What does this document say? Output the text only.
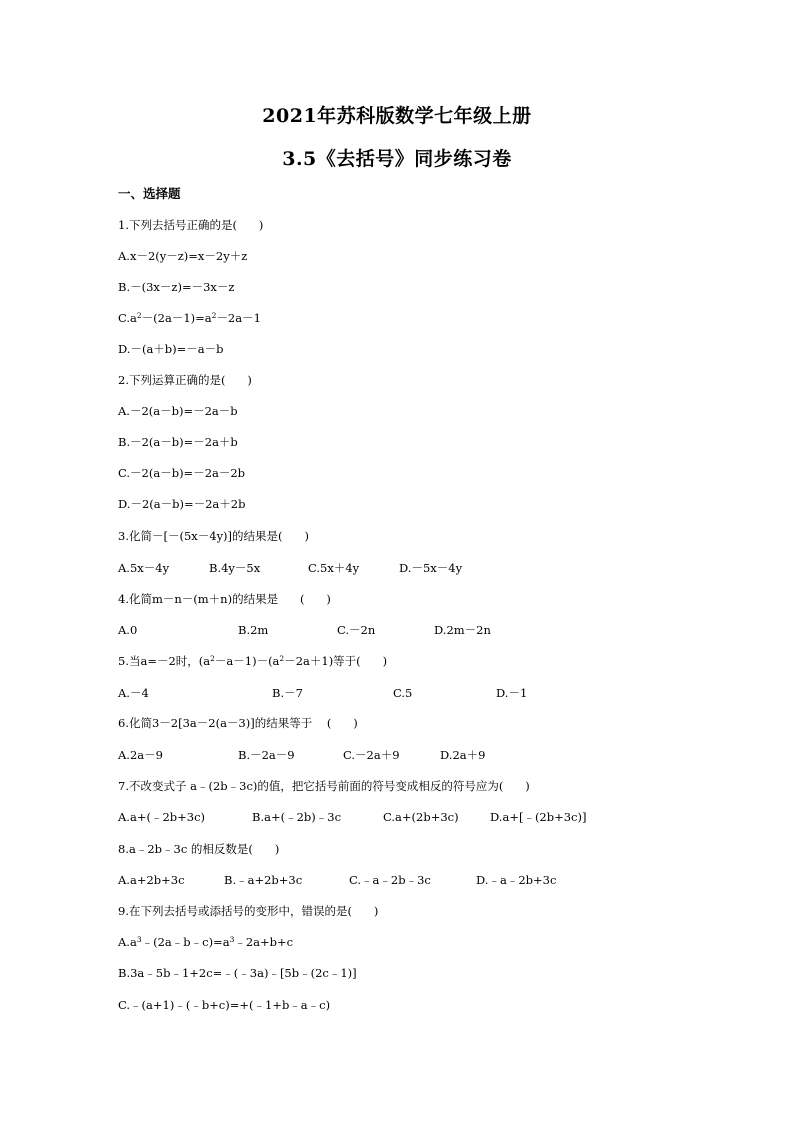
2021年苏科版数学七年级上册
3.5《去括号》同步练习卷
一、选择题
1.下列去括号正确的是(      )
A.x－2(y－z)=x－2y＋z
B.－(3x－z)=－3x－z
$C.a^2-(2a-1)=a^2-2a-1$
D.－(a＋b)=－a－b
2.下列运算正确的是(      )
A.－2(a－b)=－2a－b
B.－2(a－b)=－2a＋b
C.－2(a－b)=－2a－2b
D.－2(a－b)=－2a＋2b
3.化简－[－(5x－4y)]的结果是(      )
A.5x－4y	B.4y－5x	C.5x＋4y	D.－5x－4y
4.化简m－n－(m＋n)的结果是      (      )
A.0	B.2m	C.－2n	D.2m－2n
5.当a=－2时，$(a^2-a-1)-(a^2-2a+1)$等于(      )
A.－4	B.－7	C.5	D.－1
6.化简3－2[3a－2(a－3)]的结果等于    (      )
A.2a－9	B.－2a－9	C.－2a＋9	D.2a＋9
7.不改变式子 a﹣(2b﹣3c)的值，把它括号前面的符号变成相反的符号应为(      )
A.a+(﹣2b+3c)	B.a+(﹣2b)﹣3c	C.a+(2b+3c)	D.a+[﹣(2b+3c)]
8.a﹣2b﹣3c 的相反数是(      )
A.a+2b+3c	B.﹣a+2b+3c	C.﹣a﹣2b﹣3c	D.﹣a﹣2b+3c
9.在下列去括号或添括号的变形中，错误的是(      )
$A.a^3﹣(2a﹣b﹣c)=a^3﹣2a+b+c$
B.3a﹣5b﹣1+2c=﹣(﹣3a)﹣[5b﹣(2c﹣1)]
C.﹣(a+1)﹣(﹣b+c)=+(﹣1+b﹣a﹣c)
